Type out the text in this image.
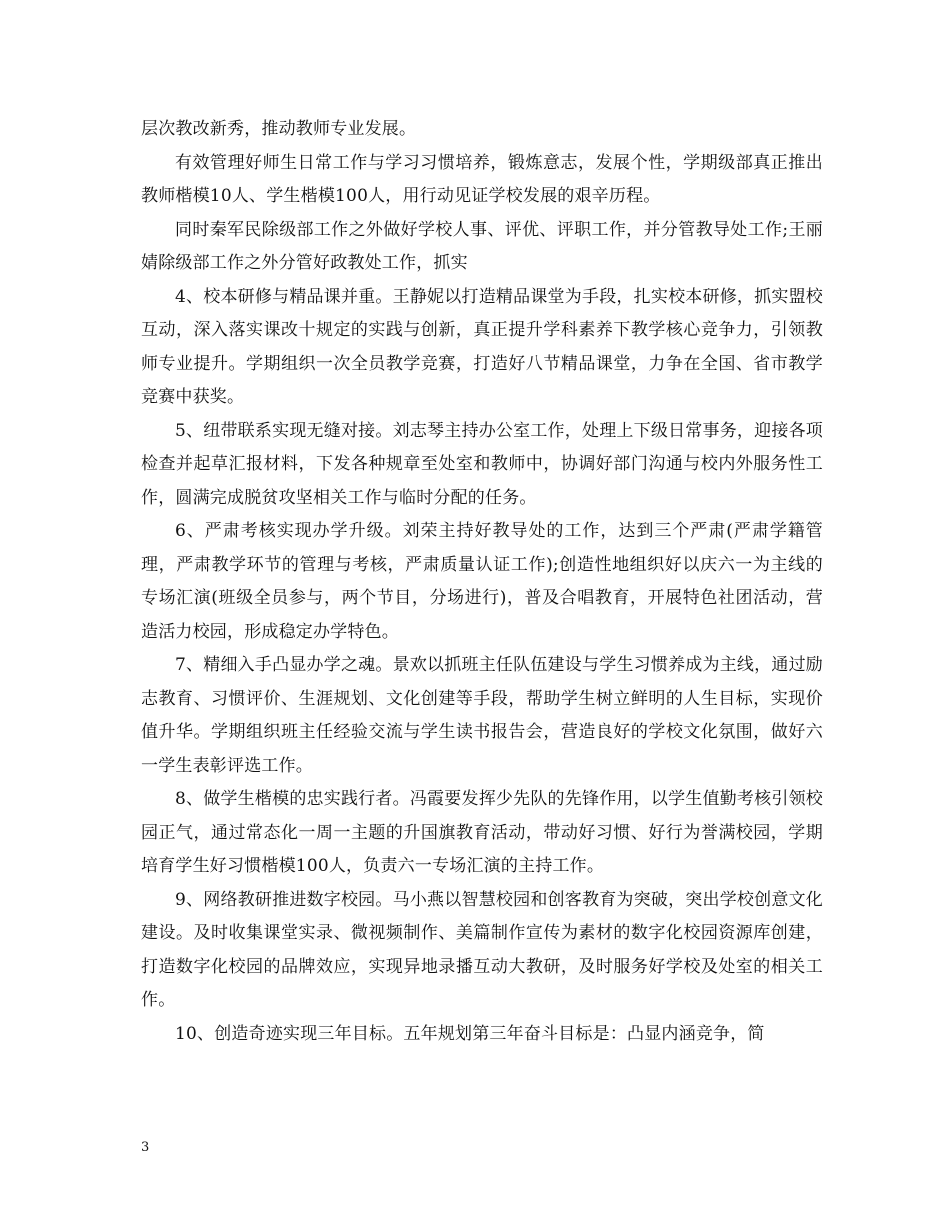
层次教改新秀，推动教师专业发展。

有效管理好师生日常工作与学习习惯培养，锻炼意志，发展个性，学期级部真正推出教师楷模10人、学生楷模100人，用行动见证学校发展的艰辛历程。

同时秦军民除级部工作之外做好学校人事、评优、评职工作，并分管教导处工作;王丽婧除级部工作之外分管好政教处工作，抓实

4、校本研修与精品课并重。王静妮以打造精品课堂为手段，扎实校本研修，抓实盟校互动，深入落实课改十规定的实践与创新，真正提升学科素养下教学核心竞争力，引领教师专业提升。学期组织一次全员教学竞赛，打造好八节精品课堂，力争在全国、省市教学竞赛中获奖。

5、纽带联系实现无缝对接。刘志琴主持办公室工作，处理上下级日常事务，迎接各项检查并起草汇报材料，下发各种规章至处室和教师中，协调好部门沟通与校内外服务性工作，圆满完成脱贫攻坚相关工作与临时分配的任务。

6、严肃考核实现办学升级。刘荣主持好教导处的工作，达到三个严肃(严肃学籍管理，严肃教学环节的管理与考核，严肃质量认证工作);创造性地组织好以庆六一为主线的专场汇演(班级全员参与，两个节目，分场进行)，普及合唱教育，开展特色社团活动，营造活力校园，形成稳定办学特色。

7、精细入手凸显办学之魂。景欢以抓班主任队伍建设与学生习惯养成为主线，通过励志教育、习惯评价、生涯规划、文化创建等手段，帮助学生树立鲜明的人生目标，实现价值升华。学期组织班主任经验交流与学生读书报告会，营造良好的学校文化氛围，做好六一学生表彰评选工作。

8、做学生楷模的忠实践行者。冯霞要发挥少先队的先锋作用，以学生值勤考核引领校园正气，通过常态化一周一主题的升国旗教育活动，带动好习惯、好行为誉满校园，学期培育学生好习惯楷模100人，负责六一专场汇演的主持工作。

9、网络教研推进数字校园。马小燕以智慧校园和创客教育为突破，突出学校创意文化建设。及时收集课堂实录、微视频制作、美篇制作宣传为素材的数字化校园资源库创建，打造数字化校园的品牌效应，实现异地录播互动大教研，及时服务好学校及处室的相关工作。

10、创造奇迹实现三年目标。五年规划第三年奋斗目标是：凸显内涵竞争，简

3
